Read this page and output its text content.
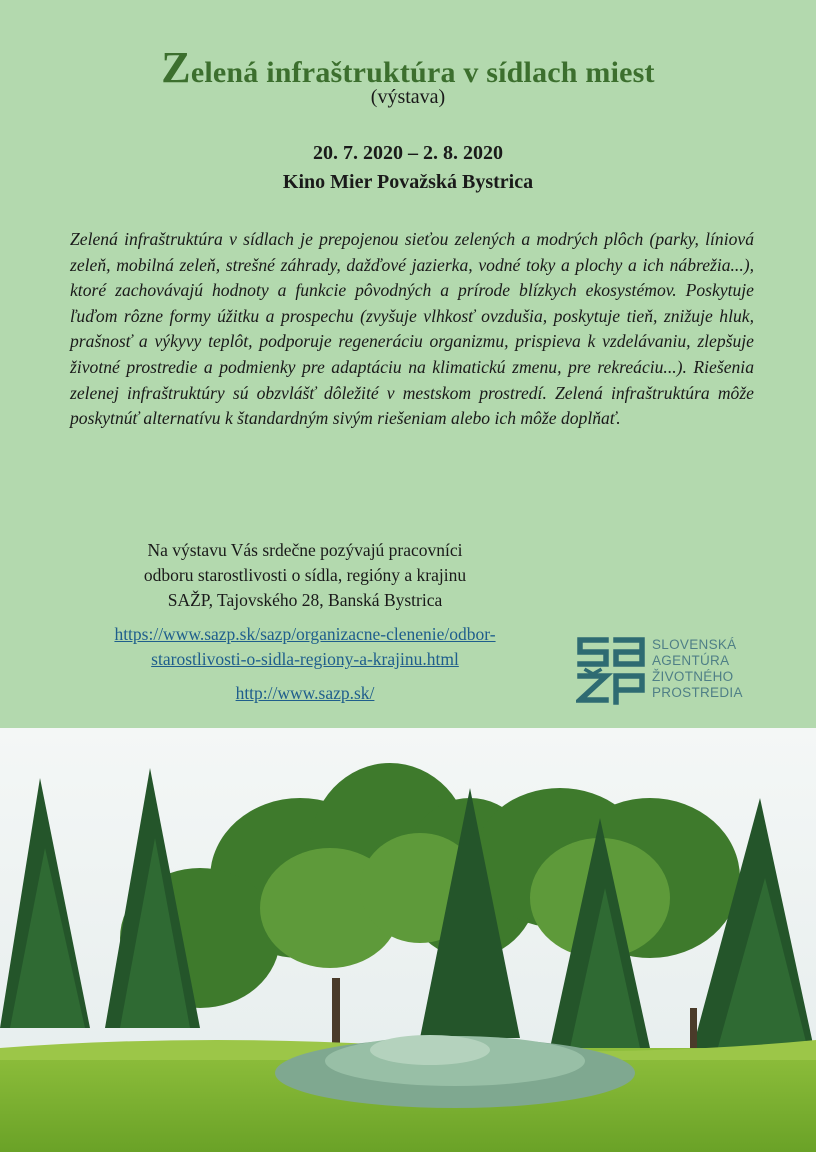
Zelená infraštruktúra v sídlach miest
(výstava)
20. 7. 2020 – 2. 8. 2020
Kino Mier Považská Bystrica

Zelená infraštruktúra v sídlach je prepojenou sieťou zelených a modrých plôch (parky, líniová zeleň, mobilná zeleň, strešné záhrady, dažďové jazierka, vodné toky a plochy a ich nábrežia...), ktoré zachovávajú hodnoty a funkcie pôvodných a prírode blízkych ekosystémov. Poskytuje ľuďom rôzne formy úžitku a prospechu (zvyšuje vlhkosť ovzdušia, poskytuje tieň, znižuje hluk, prašnosť a výkyvy teplôt, podporuje regeneráciu organizmu, prispieva k vzdelávaniu, zlepšuje životné prostredie a podmienky pre adaptáciu na klimatickú zmenu, pre rekreáciu...). Riešenia zelenej infraštruktúry sú obzvlášť dôležité v mestskom prostredí. Zelená infraštruktúra môže poskytnúť alternatívu k štandardným sivým riešeniam alebo ich môže doplňať.

Na výstavu Vás srdečne pozývajú pracovníci
odboru starostlivosti o sídla, regióny a krajinu
SAŽP, Tajovského 28, Banská Bystrica
https://www.sazp.sk/sazp/organizacne-clenenie/odbor-
starostlivosti-o-sidla-regiony-a-krajinu.html
http://www.sazp.sk/
SLOVENSKÁ
AGENTÚRA
ŽIVOTNÉHO
PROSTREDIA
